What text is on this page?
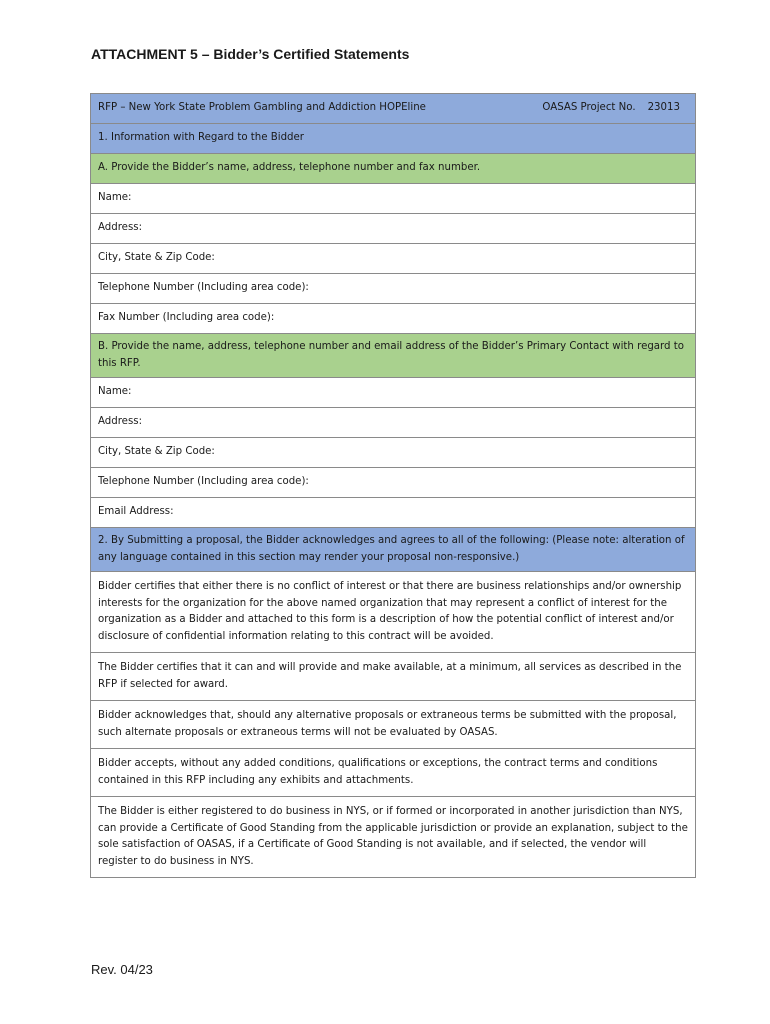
ATTACHMENT 5 – Bidder’s Certified Statements
RFP – New York State Problem Gambling and Addiction HOPEline	OASAS Project No. 23013

1. Information with Regard to the Bidder
A. Provide the Bidder’s name, address, telephone number and fax number.
Name:
Address:
City, State & Zip Code:
Telephone Number (Including area code):
Fax Number (Including area code):
B. Provide the name, address, telephone number and email address of the Bidder’s Primary Contact with regard to this RFP.
Name:
Address:
City, State & Zip Code:
Telephone Number (Including area code):
Email Address:
2. By Submitting a proposal, the Bidder acknowledges and agrees to all of the following: (Please note: alteration of any language contained in this section may render your proposal non-responsive.)
Bidder certifies that either there is no conflict of interest or that there are business relationships and/or ownership interests for the organization for the above named organization that may represent a conflict of interest for the organization as a Bidder and attached to this form is a description of how the potential conflict of interest and/or disclosure of confidential information relating to this contract will be avoided.
The Bidder certifies that it can and will provide and make available, at a minimum, all services as described in the RFP if selected for award.
Bidder acknowledges that, should any alternative proposals or extraneous terms be submitted with the proposal, such alternate proposals or extraneous terms will not be evaluated by OASAS.
Bidder accepts, without any added conditions, qualifications or exceptions, the contract terms and conditions contained in this RFP including any exhibits and attachments.
The Bidder is either registered to do business in NYS, or if formed or incorporated in another jurisdiction than NYS, can provide a Certificate of Good Standing from the applicable jurisdiction or provide an explanation, subject to the sole satisfaction of OASAS, if a Certificate of Good Standing is not available, and if selected, the vendor will register to do business in NYS.
Rev. 04/23
